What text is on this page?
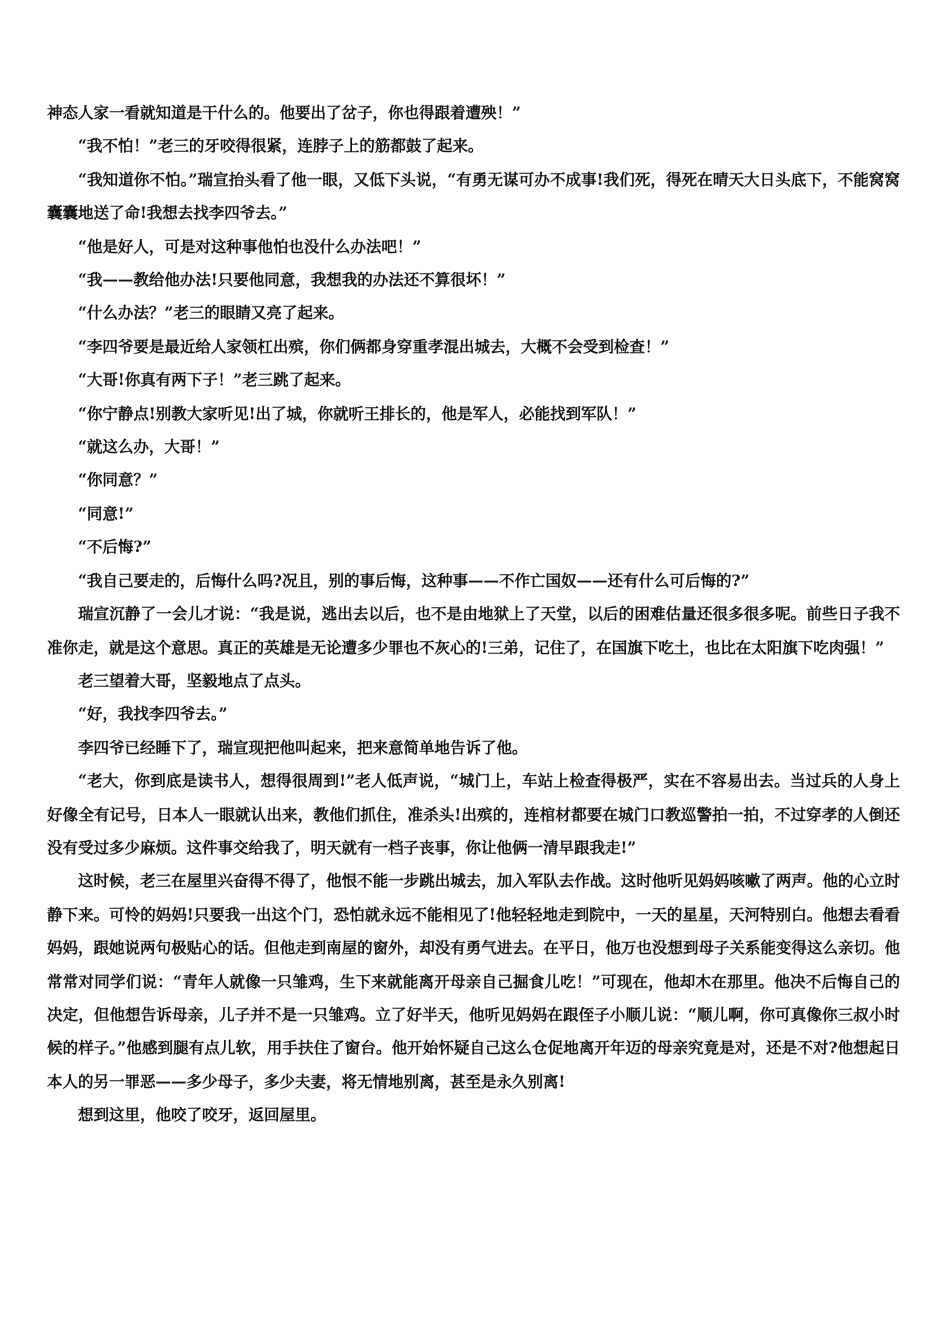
神态人家一看就知道是干什么的。他要出了岔子，你也得跟着遭殃！”

“我不怕！”老三的牙咬得很紧，连脖子上的筋都鼓了起来。

“我知道你不怕。”瑞宣抬头看了他一眼，又低下头说，“有勇无谋可办不成事!我们死，得死在晴天大日头底下，不能窝窝囊囊地送了命!我想去找李四爷去。”

“他是好人，可是对这种事他怕也没什么办法吧！”

“我——教给他办法!只要他同意，我想我的办法还不算很坏！”

“什么办法？”老三的眼睛又亮了起来。

“李四爷要是最近给人家领杠出殡，你们俩都身穿重孝混出城去，大概不会受到检查！”

“大哥!你真有两下子！”老三跳了起来。

“你宁静点!别教大家听见!出了城，你就听王排长的，他是军人，必能找到军队！”

“就这么办，大哥！”

“你同意？”

“同意!”

“不后悔?”

“我自己要走的，后悔什么吗?况且，别的事后悔，这种事——不作亡国奴——还有什么可后悔的?”

瑞宣沉静了一会儿才说：“我是说，逃出去以后，也不是由地狱上了天堂，以后的困难估量还很多很多呢。前些日子我不准你走，就是这个意思。真正的英雄是无论遭多少罪也不灰心的!三弟，记住了，在国旗下吃土，也比在太阳旗下吃肉强！”

老三望着大哥，坚毅地点了点头。

“好，我找李四爷去。”

李四爷已经睡下了，瑞宣现把他叫起来，把来意简单地告诉了他。

“老大，你到底是读书人，想得很周到!”老人低声说，“城门上，车站上检查得极严，实在不容易出去。当过兵的人身上好像全有记号，日本人一眼就认出来，教他们抓住，准杀头!出殡的，连棺材都要在城门口教巡警拍一拍，不过穿孝的人倒还没有受过多少麻烦。这件事交给我了，明天就有一档子丧事，你让他俩一清早跟我走!”

这时候，老三在屋里兴奋得不得了，他恨不能一步跳出城去，加入军队去作战。这时他听见妈妈咳嗽了两声。他的心立时静下来。可怜的妈妈!只要我一出这个门，恐怕就永远不能相见了!他轻轻地走到院中，一天的星星，天河特别白。他想去看看妈妈，跟她说两句极贴心的话。但他走到南屋的窗外，却没有勇气进去。在平日，他万也没想到母子关系能变得这么亲切。他常常对同学们说：“青年人就像一只雏鸡，生下来就能离开母亲自己掘食儿吃！”可现在，他却木在那里。他决不后悔自己的决定，但他想告诉母亲，儿子并不是一只雏鸡。立了好半天，他听见妈妈在跟侄子小顺儿说：“顺儿啊，你可真像你三叔小时候的样子。”他感到腿有点儿软，用手扶住了窗台。他开始怀疑自己这么仓促地离开年迈的母亲究竟是对，还是不对?他想起日本人的另一罪恶——多少母子，多少夫妻，将无情地别离，甚至是永久别离!

想到这里，他咬了咬牙，返回屋里。
